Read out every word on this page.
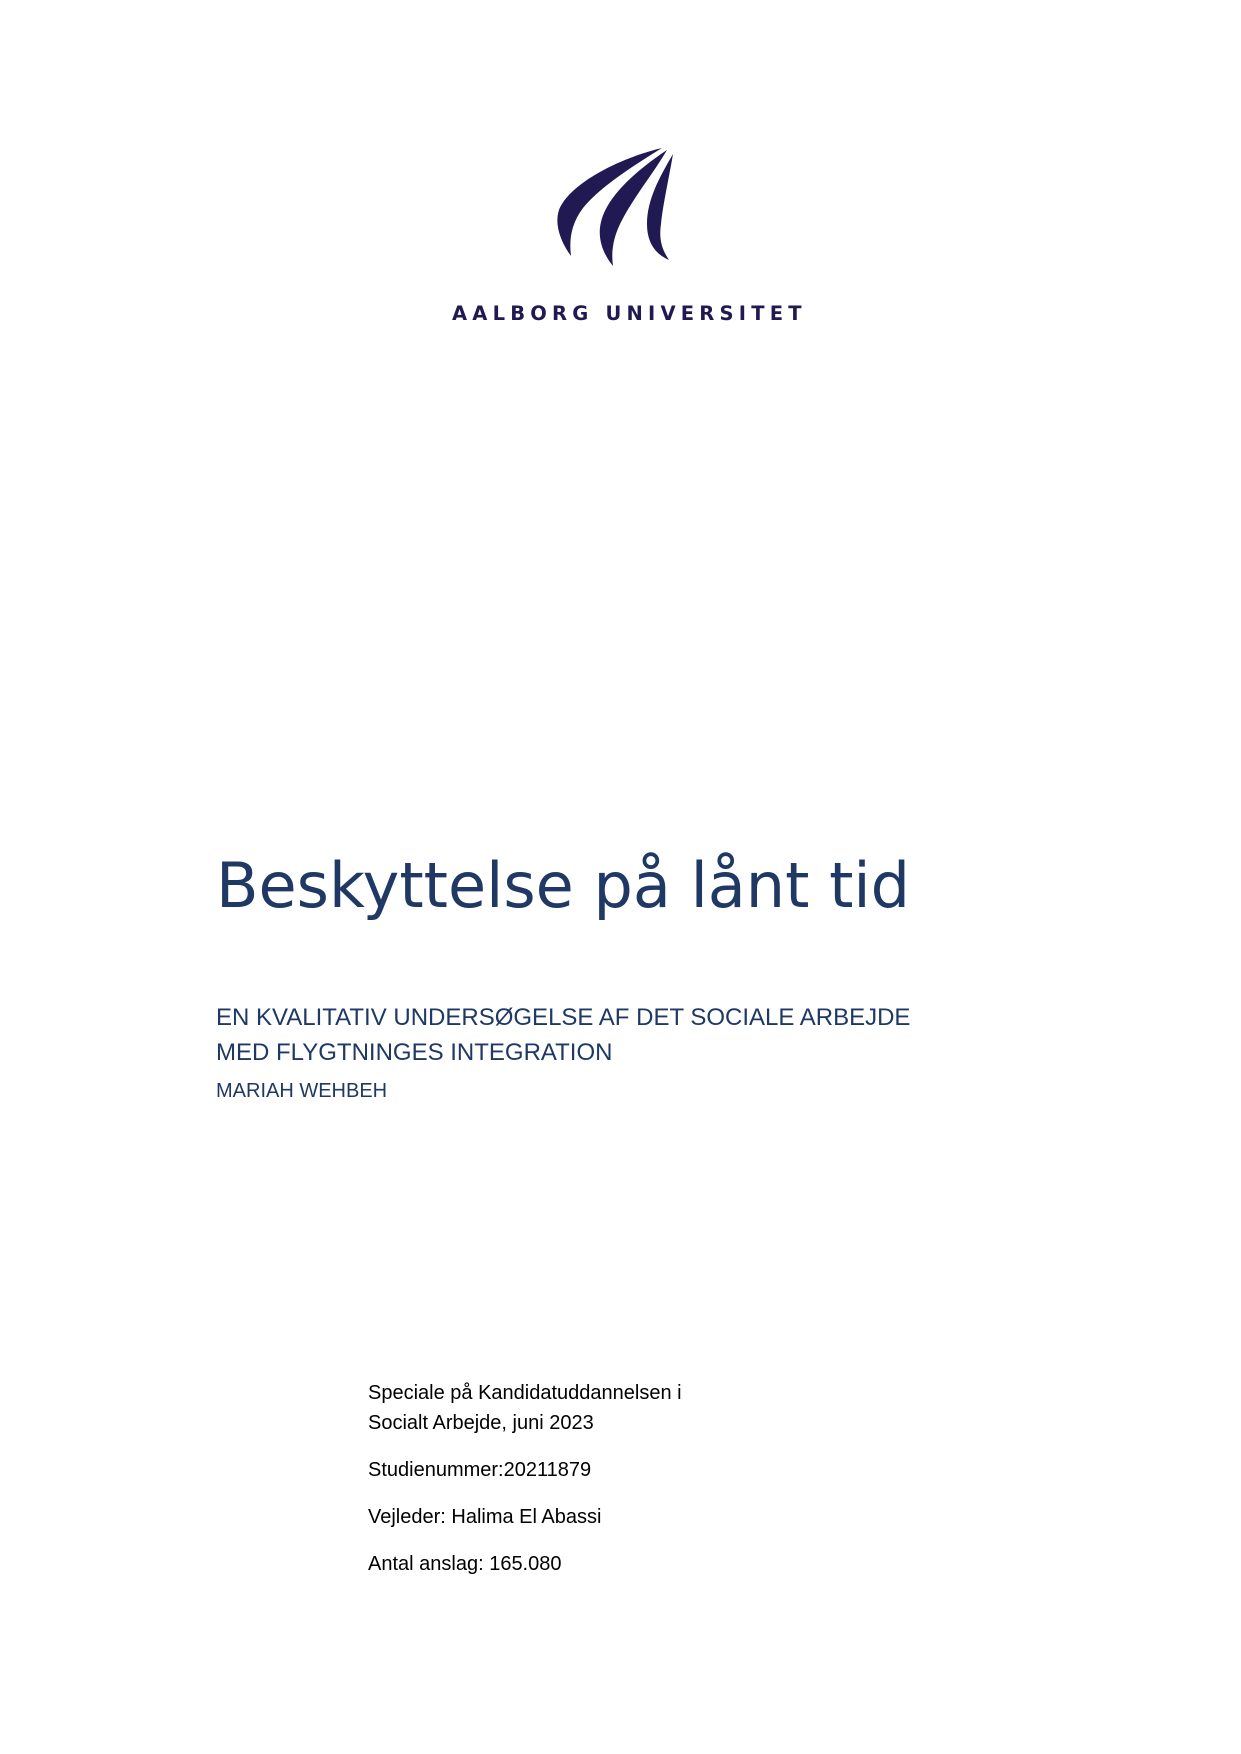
AALBORG UNIVERSITET
Beskyttelse på lånt tid
EN KVALITATIV UNDERSØGELSE AF DET SOCIALE ARBEJDE
MED FLYGTNINGES INTEGRATION
MARIAH WEHBEH

Speciale på Kandidatuddannelsen i
Socialt Arbejde, juni 2023

Studienummer:20211879

Vejleder: Halima El Abassi

Antal anslag: 165.080
